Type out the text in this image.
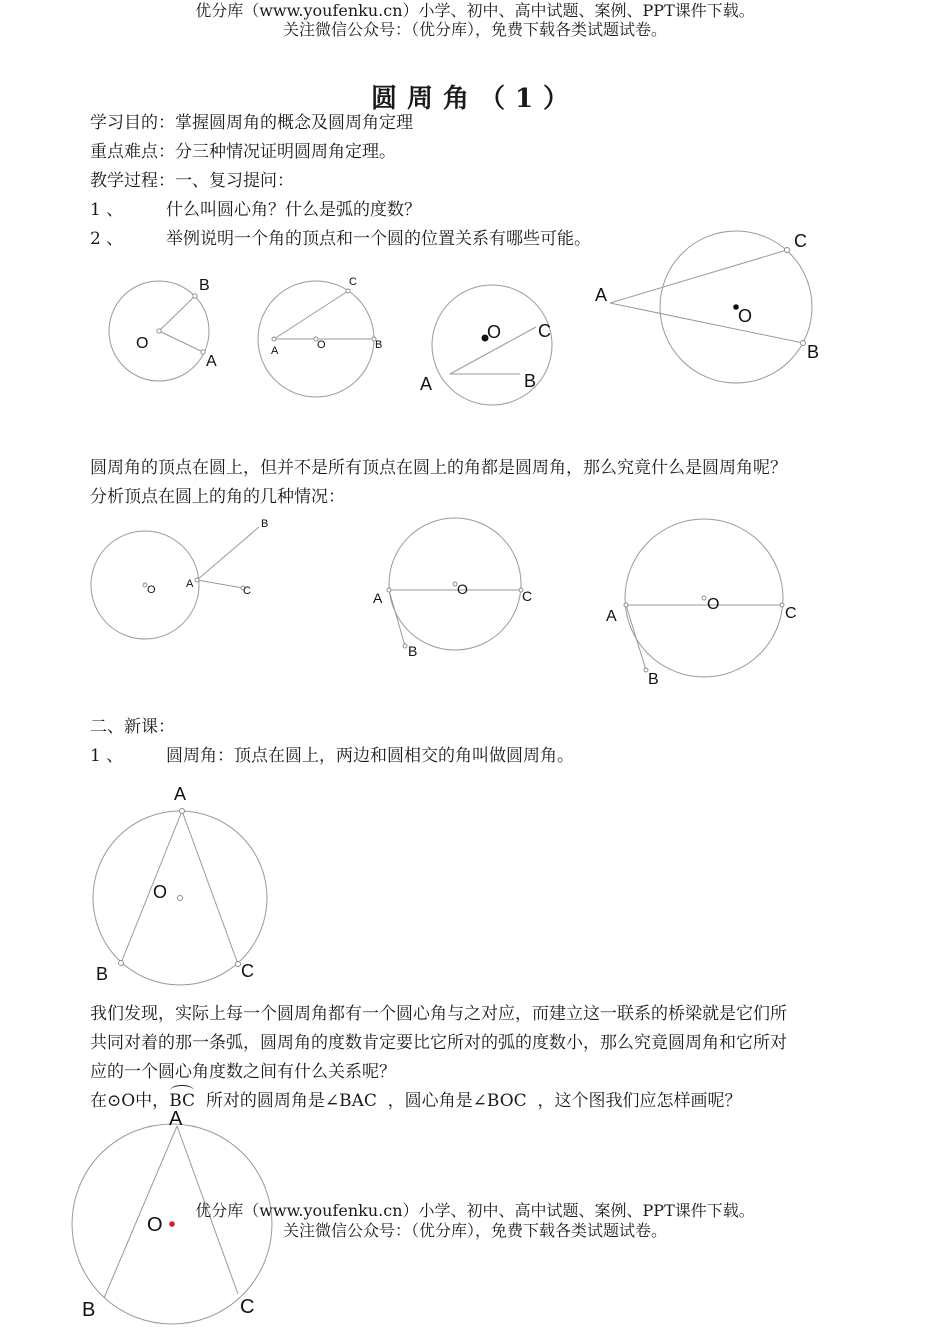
优分库（www.youfenku.cn）小学、初中、高中试题、案例、PPT课件下载。
关注微信公众号：（优分库），免费下载各类试题试卷。
圆周角（1）
学习目的：掌握圆周角的概念及圆周角定理
重点难点：分三种情况证明圆周角定理。
教学过程：一、复习提问：
1 、	什么叫圆心角？什么是弧的度数？
2 、	举例说明一个角的顶点和一个圆的位置关系有哪些可能。
圆周角的顶点在圆上，但并不是所有顶点在圆上的角都是圆周角，那么究竟什么是圆周角呢？
分析顶点在圆上的角的几种情况：
二、新课：
1 、	圆周角：顶点在圆上，两边和圆相交的角叫做圆周角。
我们发现，实际上每一个圆周角都有一个圆心角与之对应，而建立这一联系的桥梁就是它们所
共同对着的那一条弧，圆周角的度数肯定要比它所对的弧的度数小，那么究竟圆周角和它所对
应的一个圆心角度数之间有什么关系呢？
在⊙O中，BC 所对的圆周角是∠BAC ，圆心角是∠BOC ，这个图我们应怎样画呢？
B
O
A
C
A	O	B
O C
A	B
C
A
O
B
B
O	A
C	A
O	C
B
A
O
C
B
A
O
B	C
A
O
B	C
优分库（www.youfenku.cn）小学、初中、高中试题、案例、PPT课件下载。
关注微信公众号：（优分库），免费下载各类试题试卷。
